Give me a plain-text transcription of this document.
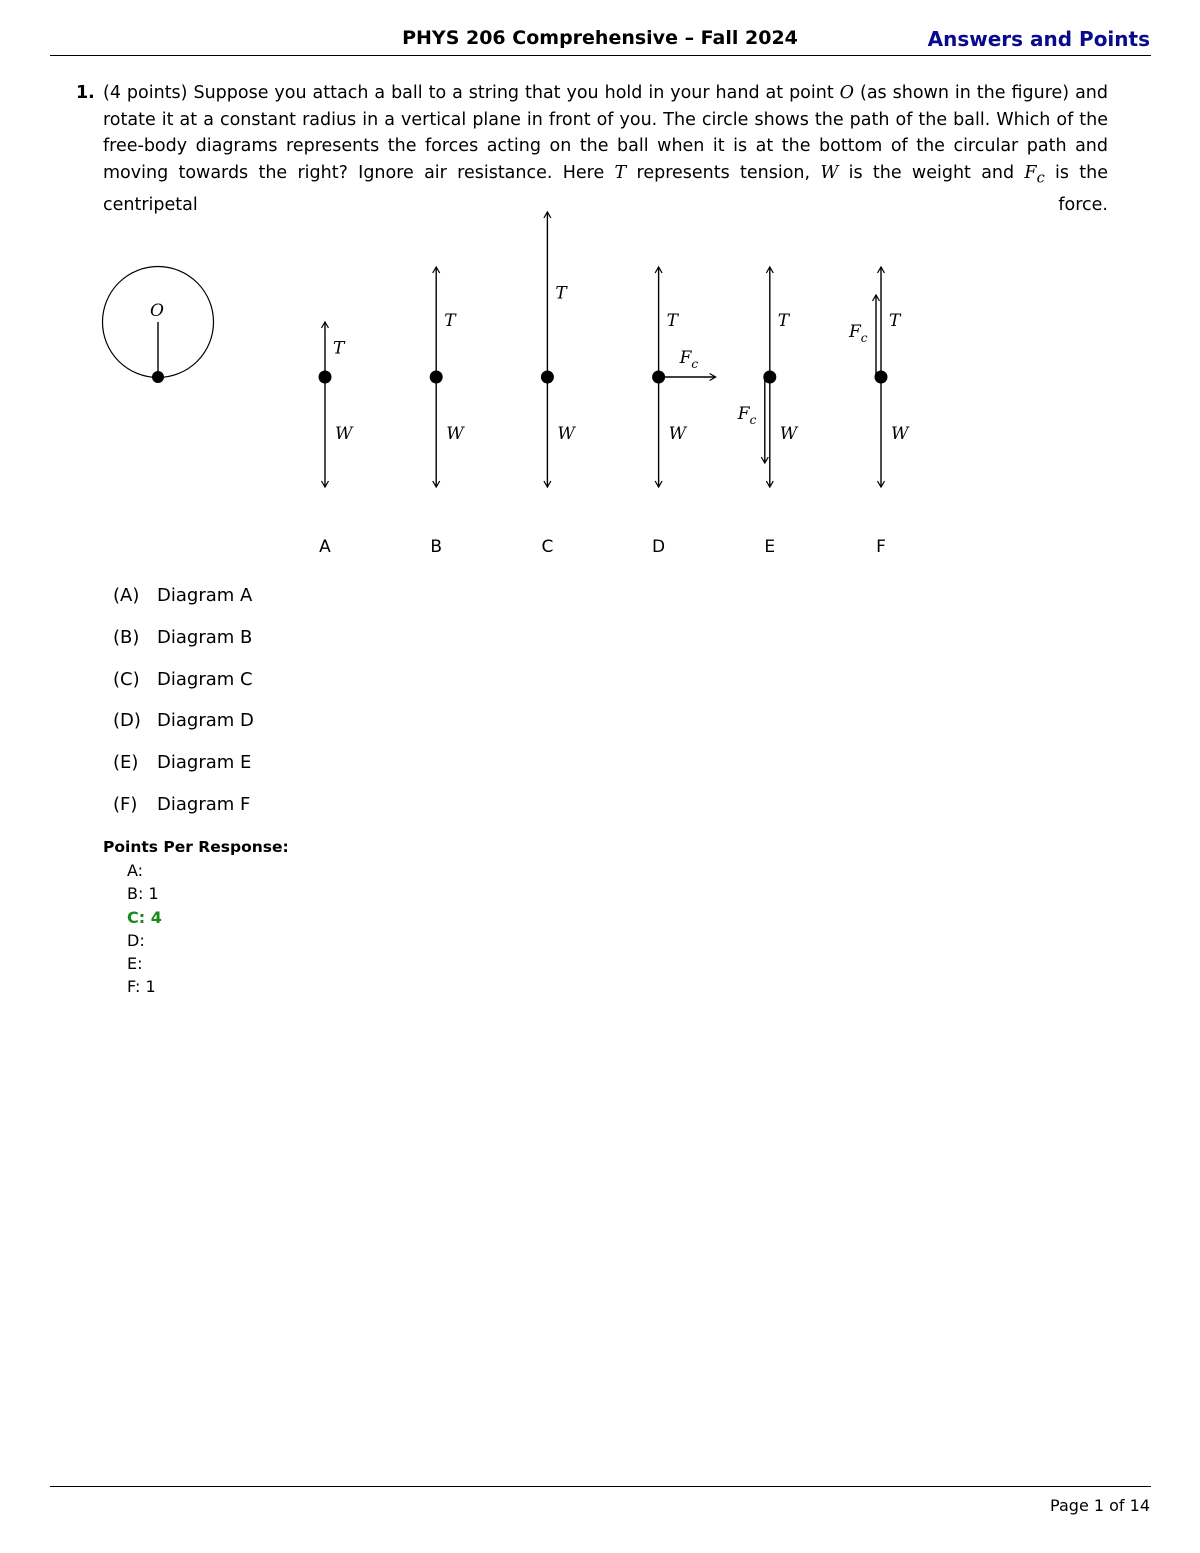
PHYS 206 Comprehensive – Fall 2024	Answers and Points
1. (4 points) Suppose you attach a ball to a string that you hold in your hand at point O (as shown in the figure) and rotate it at a constant radius in a vertical plane in front of you. The circle shows the path of the ball. Which of the free-body diagrams represents the forces acting on the ball when it is at the bottom of the circular path and moving towards the right? Ignore air resistance. Here T represents tension, W is the weight and $F_c$ is the centripetal force.
O
T
W
A
T
W
B
T
W
C
T
W
$F_c$
D
T
W
$F_c$
E
T
W
$F_c$
F
(A) Diagram A
(B) Diagram B
(C) Diagram C
(D) Diagram D
(E) Diagram E
(F) Diagram F
Points Per Response:
A:
B: 1
C: 4
D:
E:
F: 1
Page 1 of 14
